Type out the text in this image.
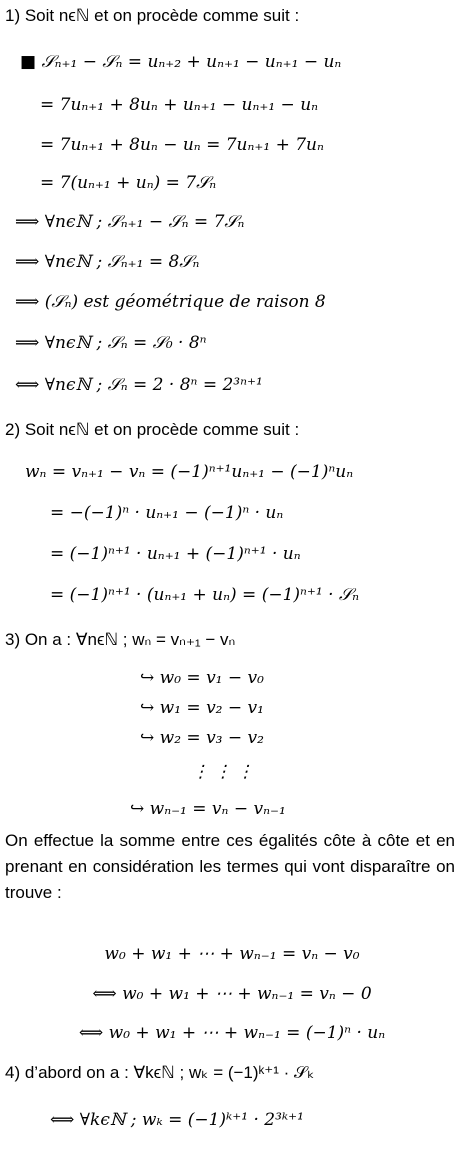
1) Soit nϵℕ et on procède comme suit :
■ 𝒮ₙ₊₁ − 𝒮ₙ = uₙ₊₂ + uₙ₊₁ − uₙ₊₁ − uₙ
= 7uₙ₊₁ + 8uₙ + uₙ₊₁ − uₙ₊₁ − uₙ
= 7uₙ₊₁ + 8uₙ − uₙ = 7uₙ₊₁ + 7uₙ
= 7(uₙ₊₁ + uₙ) = 7𝒮ₙ
⟹ ∀nϵℕ ; 𝒮ₙ₊₁ − 𝒮ₙ = 7𝒮ₙ
⟹ ∀nϵℕ ; 𝒮ₙ₊₁ = 8𝒮ₙ
⟹ (𝒮ₙ) est géométrique de raison 8
⟹ ∀nϵℕ ; 𝒮ₙ = 𝒮₀ · 8ⁿ
⟺ ∀nϵℕ ; 𝒮ₙ = 2 · 8ⁿ = 2³ⁿ⁺¹
2) Soit nϵℕ et on procède comme suit :
wₙ = vₙ₊₁ − vₙ = (−1)ⁿ⁺¹uₙ₊₁ − (−1)ⁿuₙ
= −(−1)ⁿ · uₙ₊₁ − (−1)ⁿ · uₙ
= (−1)ⁿ⁺¹ · uₙ₊₁ + (−1)ⁿ⁺¹ · uₙ
= (−1)ⁿ⁺¹ · (uₙ₊₁ + uₙ) = (−1)ⁿ⁺¹ · 𝒮ₙ
3) On a : ∀nϵℕ ; wₙ = vₙ₊₁ − vₙ
↪ w₀ = v₁ − v₀
↪ w₁ = v₂ − v₁
↪ w₂ = v₃ − v₂
⋮ ⋮ ⋮
↪ wₙ₋₁ = vₙ − vₙ₋₁
On effectue la somme entre ces égalités côte à côte et en prenant en considération les termes qui vont disparaître on trouve :
w₀ + w₁ + ⋯ + wₙ₋₁ = vₙ − v₀
⟺ w₀ + w₁ + ⋯ + wₙ₋₁ = vₙ − 0
⟺ w₀ + w₁ + ⋯ + wₙ₋₁ = (−1)ⁿ · uₙ
4) d’abord on a : ∀kϵℕ ; wₖ = (−1)ᵏ⁺¹ · 𝒮ₖ
⟺ ∀kϵℕ ; wₖ = (−1)ᵏ⁺¹ · 2³ᵏ⁺¹
